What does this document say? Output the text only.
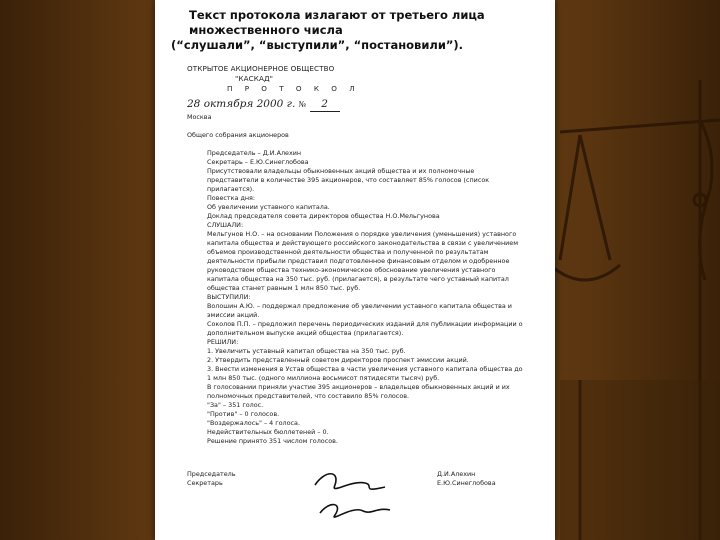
Текст протокола излагают от третьего лица множественного числа
(“слушали”, “выступили”, “постановили”).
ОТКРЫТОЕ АКЦИОНЕРНОЕ ОБЩЕСТВО

"КАСКАД"
П Р О Т О К О Л
28 октября 2000 г. № 2
Москва
Общего собрания акционеров

Председатель – Д.И.Алехин

Секретарь – Е.Ю.Синеглобова

Присутствовали владельцы обыкновенных акций общества и их полномочные представители в количестве 395 акционеров, что составляет 85% голосов (список прилагается).

Повестка дня:

Об увеличении уставного капитала.

Доклад председателя совета директоров общества Н.О.Мельгунова

СЛУШАЛИ:

Мельгунов Н.О. – на основании Положения о порядке увеличения (уменьшения) уставного капитала общества и действующего российского законодательства в связи с увеличением объемов производственной деятельности общества и полученной по результатам деятельности прибыли представил подготовленное финансовым отделом и одобренное руководством общества технико-экономическое обоснование увеличения уставного капитала общества на 350 тыс. руб. (прилагается), в результате чего уставный капитал общества станет равным 1 млн 850 тыс. руб.

ВЫСТУПИЛИ:

Волошин А.Ю. – поддержал предложение об увеличении уставного капитала общества и эмиссии акций.

Соколов П.П. – предложил перечень периодических изданий для публикации информации о дополнительном выпуске акций общества (прилагается).

РЕШИЛИ:

1. Увеличить уставный капитал общества на 350 тыс. руб.

2. Утвердить представленный советом директоров проспект эмиссии акций.

3. Внести изменения в Устав общества в части увеличения уставного капитала общества до 1 млн 850 тыс. (одного миллиона восьмисот пятидесяти тысяч) руб.

В голосовании приняли участие 395 акционеров – владельцев обыкновенных акций и их полномочных представителей, что составило 85% голосов.

"За" – 351 голос.

"Против" – 0 голосов.

"Воздержалось" – 4 голоса.

Недействительных бюллетеней – 0.

Решение принято 351 числом голосов.

Председатель
Секретарь
Д.И.Алехин
Е.Ю.Синеглобова
